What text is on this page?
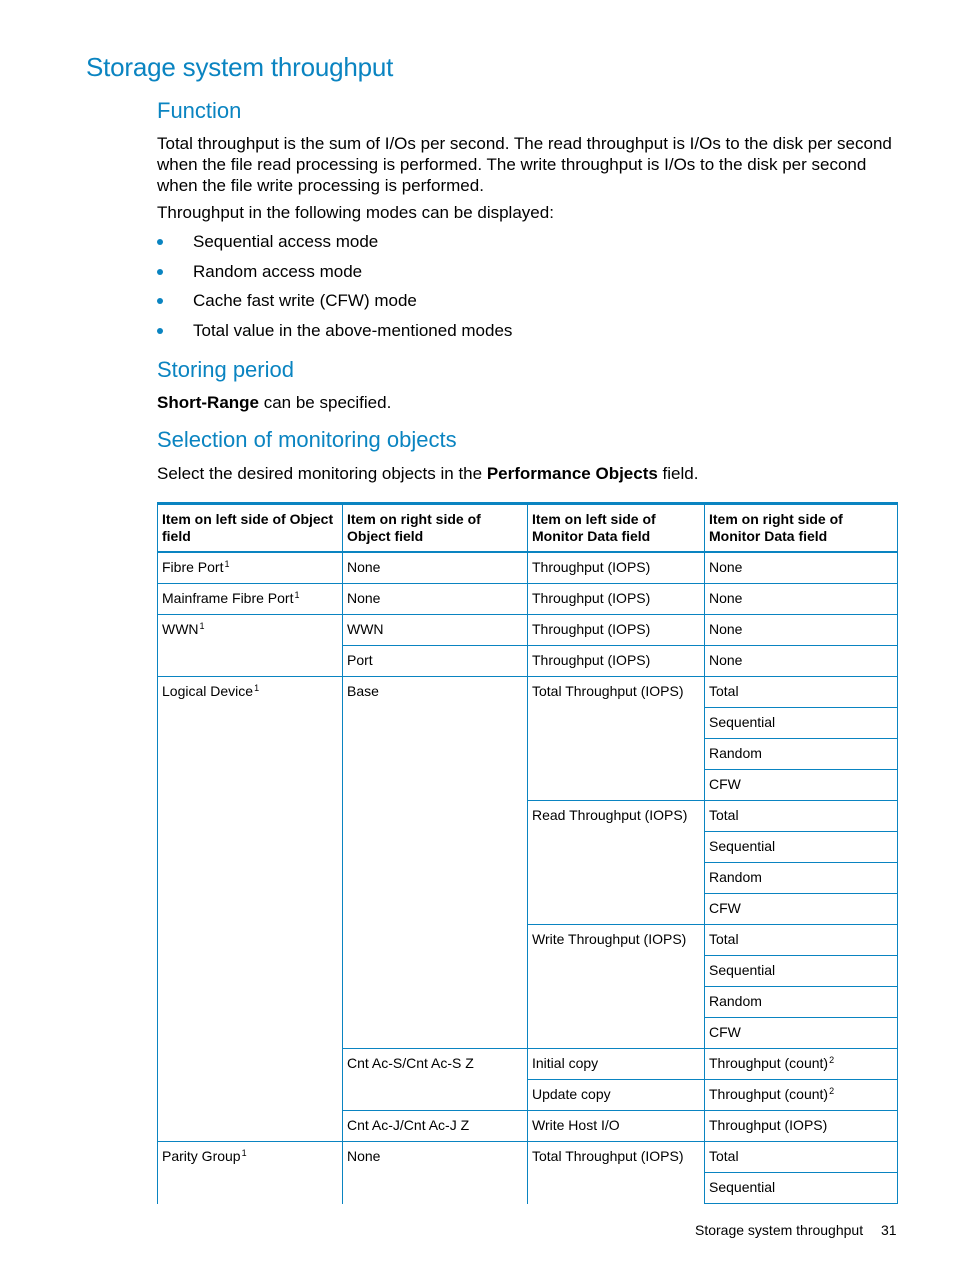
Storage system throughput
Function

Total throughput is the sum of I/Os per second. The read throughput is I/Os to the disk per second when the file read processing is performed. The write throughput is I/Os to the disk per second when the file write processing is performed.

Throughput in the following modes can be displayed:

Sequential access mode
Random access mode
Cache fast write (CFW) mode
Total value in the above-mentioned modes
Storing period

Short-Range can be specified.

Selection of monitoring objects

Select the desired monitoring objects in the Performance Objects field.

Item on left side of Object field	Item on right side of Object field	Item on left side of Monitor Data field	Item on right side of Monitor Data field
Fibre Port$^1$	None	Throughput (IOPS)	None
Mainframe Fibre Port$^1$	None	Throughput (IOPS)	None
WWN$^1$	WWN	Throughput (IOPS)	None
	Port	Throughput (IOPS)	None
Logical Device$^1$	Base	Total Throughput (IOPS)	Total
			Sequential
			Random
			CFW
		Read Throughput (IOPS)	Total
			Sequential
			Random
			CFW
		Write Throughput (IOPS)	Total
			Sequential
			Random
			CFW
	Cnt Ac-S/Cnt Ac-S Z	Initial copy	Throughput (count)$^2$
		Update copy	Throughput (count)$^2$
	Cnt Ac-J/Cnt Ac-J Z	Write Host I/O	Throughput (IOPS)
Parity Group$^1$	None	Total Throughput (IOPS)	Total
			Sequential
Storage system throughput 31
